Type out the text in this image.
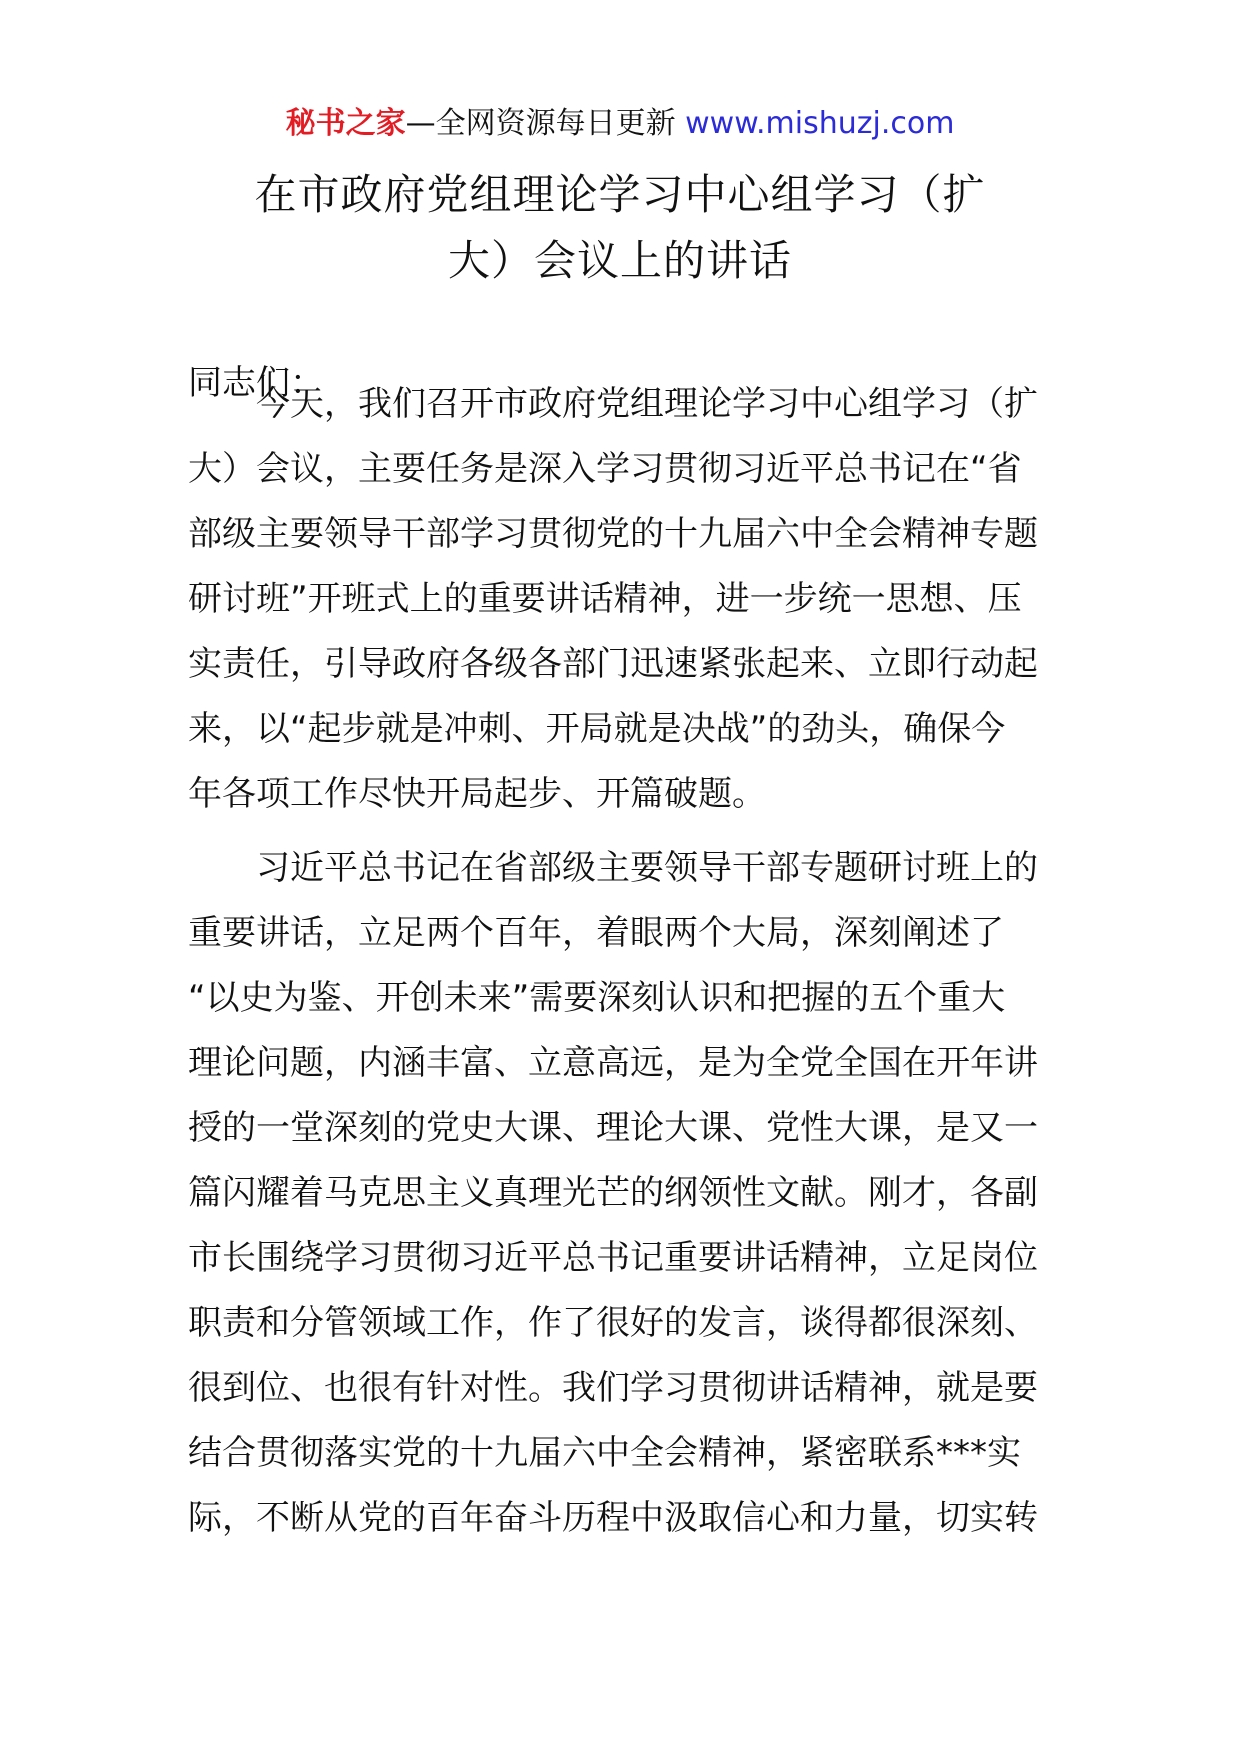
秘书之家—全网资源每日更新 www.mishuzj.com
在市政府党组理论学习中心组学习（扩
大）会议上的讲话
同志们：
今天，我们召开市政府党组理论学习中心组学习（扩
大）会议，主要任务是深入学习贯彻习近平总书记在“省
部级主要领导干部学习贯彻党的十九届六中全会精神专题
研讨班”开班式上的重要讲话精神，进一步统一思想、压
实责任，引导政府各级各部门迅速紧张起来、立即行动起
来，以“起步就是冲刺、开局就是决战”的劲头，确保今
年各项工作尽快开局起步、开篇破题。
习近平总书记在省部级主要领导干部专题研讨班上的
重要讲话，立足两个百年，着眼两个大局，深刻阐述了
“以史为鉴、开创未来”需要深刻认识和把握的五个重大
理论问题，内涵丰富、立意高远，是为全党全国在开年讲
授的一堂深刻的党史大课、理论大课、党性大课，是又一
篇闪耀着马克思主义真理光芒的纲领性文献。刚才，各副
市长围绕学习贯彻习近平总书记重要讲话精神，立足岗位
职责和分管领域工作，作了很好的发言，谈得都很深刻、
很到位、也很有针对性。我们学习贯彻讲话精神，就是要
结合贯彻落实党的十九届六中全会精神，紧密联系***实
际，不断从党的百年奋斗历程中汲取信心和力量，切实转
